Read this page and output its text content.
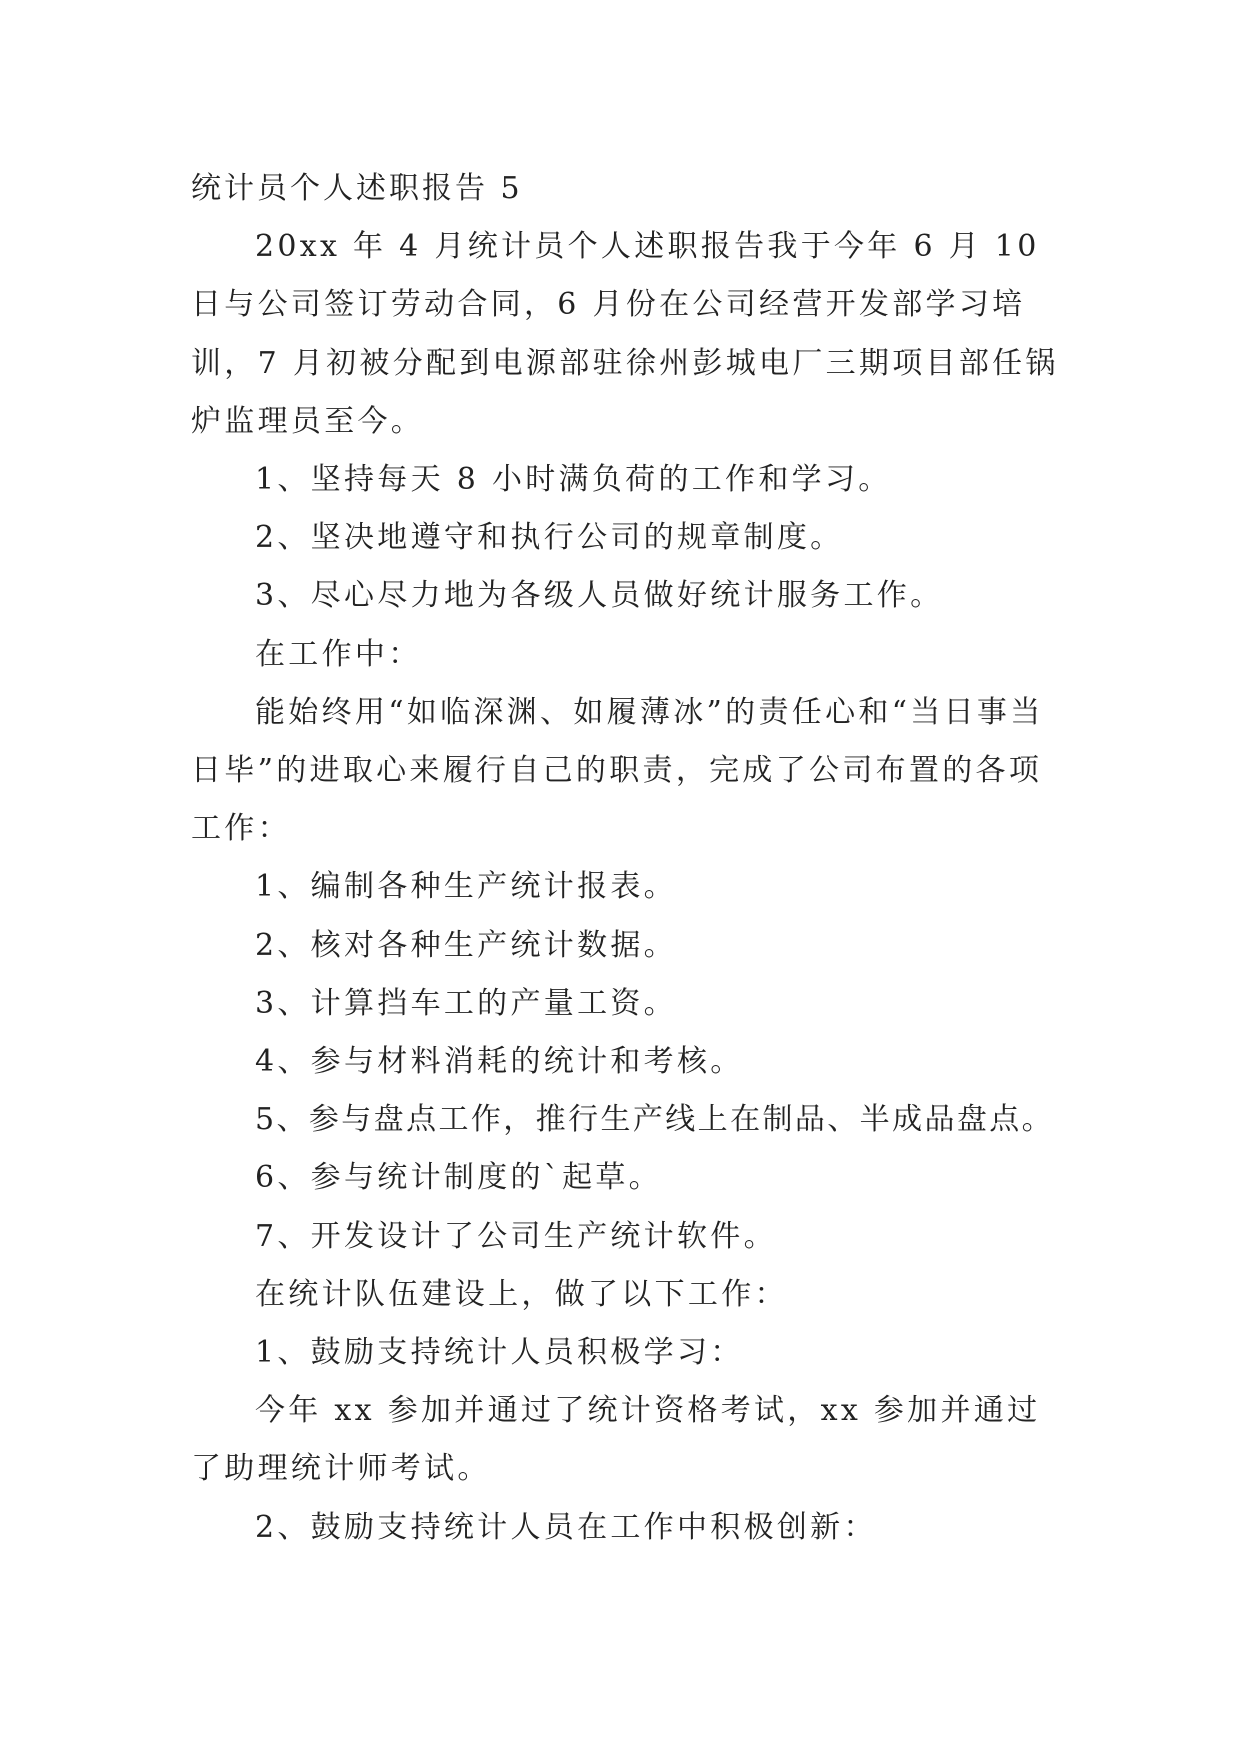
统计员个人述职报告 5

20xx 年 4 月统计员个人述职报告我于今年 6 月 10 日与公司签订劳动合同，6 月份在公司经营开发部学习培训，7 月初被分配到电源部驻徐州彭城电厂三期项目部任锅炉监理员至今。

1、坚持每天 8 小时满负荷的工作和学习。

2、坚决地遵守和执行公司的规章制度。

3、尽心尽力地为各级人员做好统计服务工作。

在工作中：

能始终用“如临深渊、如履薄冰”的责任心和“当日事当日毕”的进取心来履行自己的职责，完成了公司布置的各项工作：

1、编制各种生产统计报表。

2、核对各种生产统计数据。

3、计算挡车工的产量工资。

4、参与材料消耗的统计和考核。

5、参与盘点工作，推行生产线上在制品、半成品盘点。

6、参与统计制度的`起草。

7、开发设计了公司生产统计软件。

在统计队伍建设上，做了以下工作：

1、鼓励支持统计人员积极学习：

今年 xx 参加并通过了统计资格考试，xx 参加并通过了助理统计师考试。

2、鼓励支持统计人员在工作中积极创新：
